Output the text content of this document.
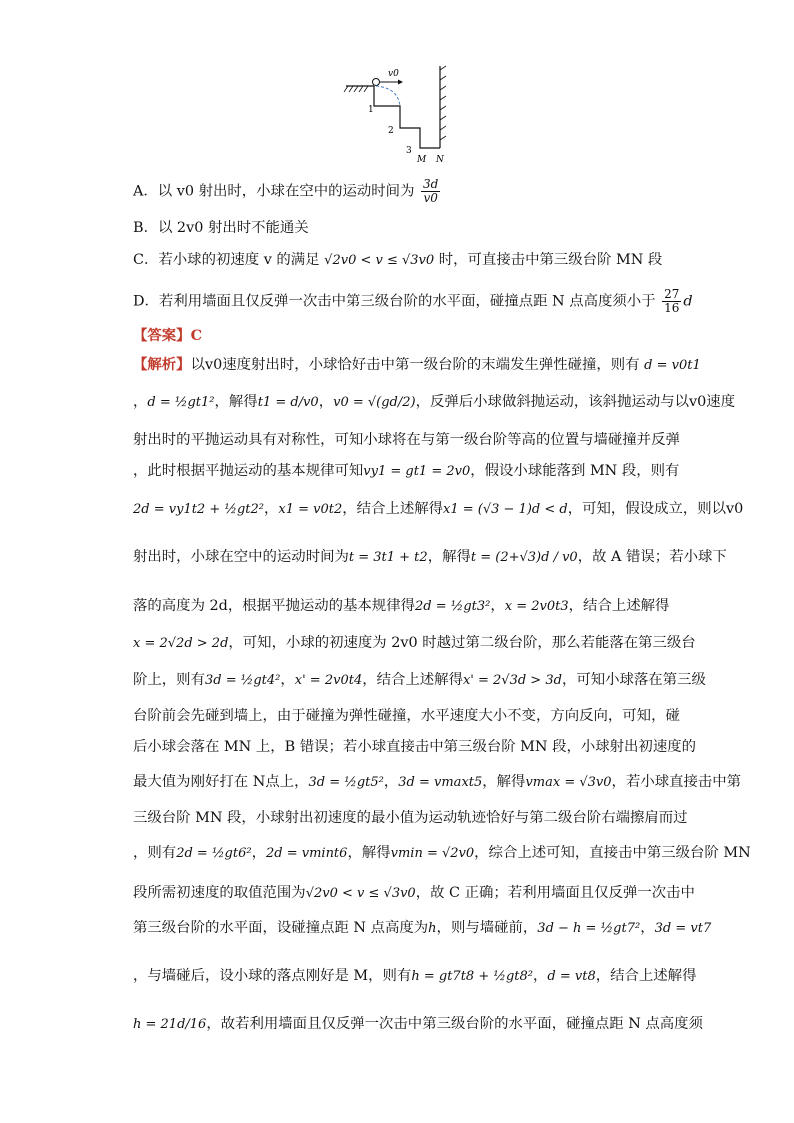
v0
1
2
3
M N
A．以 v0 射出时，小球在空中的运动时间为 $\frac{3d}{v0}$
B．以 2v0 射出时不能通关
C．若小球的初速度 v 的满足 √2v0 < v ≤ √3v0 时，可直接击中第三级台阶 MN 段
D．若利用墙面且仅反弹一次击中第三级台阶的水平面，碰撞点距 N 点高度须小于 $\frac{27}{16}$ d
【答案】C
【解析】以v0速度射出时，小球恰好击中第一级台阶的末端发生弹性碰撞，则有 d = v0t1
，d = ½gt1²，解得t1 = d/v0，v0 = √(gd/2)，反弹后小球做斜抛运动，该斜抛运动与以v0速度
射出时的平抛运动具有对称性，可知小球将在与第一级台阶等高的位置与墙碰撞并反弹
，此时根据平抛运动的基本规律可知vy1 = gt1 = 2v0，假设小球能落到 MN 段，则有
2d = vy1t2 + ½gt2²，x1 = v0t2，结合上述解得x1 = (√3 − 1)d < d，可知，假设成立，则以v0
射出时，小球在空中的运动时间为t = 3t1 + t2，解得t = (2+√3)d / v0，故 A 错误；若小球下
落的高度为 2d，根据平抛运动的基本规律得2d = ½gt3²，x = 2v0t3，结合上述解得
x = 2√2d > 2d，可知，小球的初速度为 2v0 时越过第二级台阶，那么若能落在第三级台
阶上，则有3d = ½gt4²，x' = 2v0t4，结合上述解得x' = 2√3d > 3d，可知小球落在第三级
台阶前会先碰到墙上，由于碰撞为弹性碰撞，水平速度大小不变，方向反向，可知，碰
后小球会落在 MN 上，B 错误；若小球直接击中第三级台阶 MN 段，小球射出初速度的
最大值为刚好打在 N点上，3d = ½gt5²，3d = vmaxt5，解得vmax = √3v0，若小球直接击中第
三级台阶 MN 段，小球射出初速度的最小值为运动轨迹恰好与第二级台阶右端擦肩而过
，则有2d = ½gt6²，2d = vmint6，解得vmin = √2v0，综合上述可知，直接击中第三级台阶 MN
段所需初速度的取值范围为√2v0 < v ≤ √3v0，故 C 正确；若利用墙面且仅反弹一次击中
第三级台阶的水平面，设碰撞点距 N 点高度为h，则与墙碰前，3d − h = ½gt7²，3d = vt7
，与墙碰后，设小球的落点刚好是 M，则有h = gt7t8 + ½gt8²，d = vt8，结合上述解得
h = 21d/16，故若利用墙面且仅反弹一次击中第三级台阶的水平面，碰撞点距 N 点高度须
